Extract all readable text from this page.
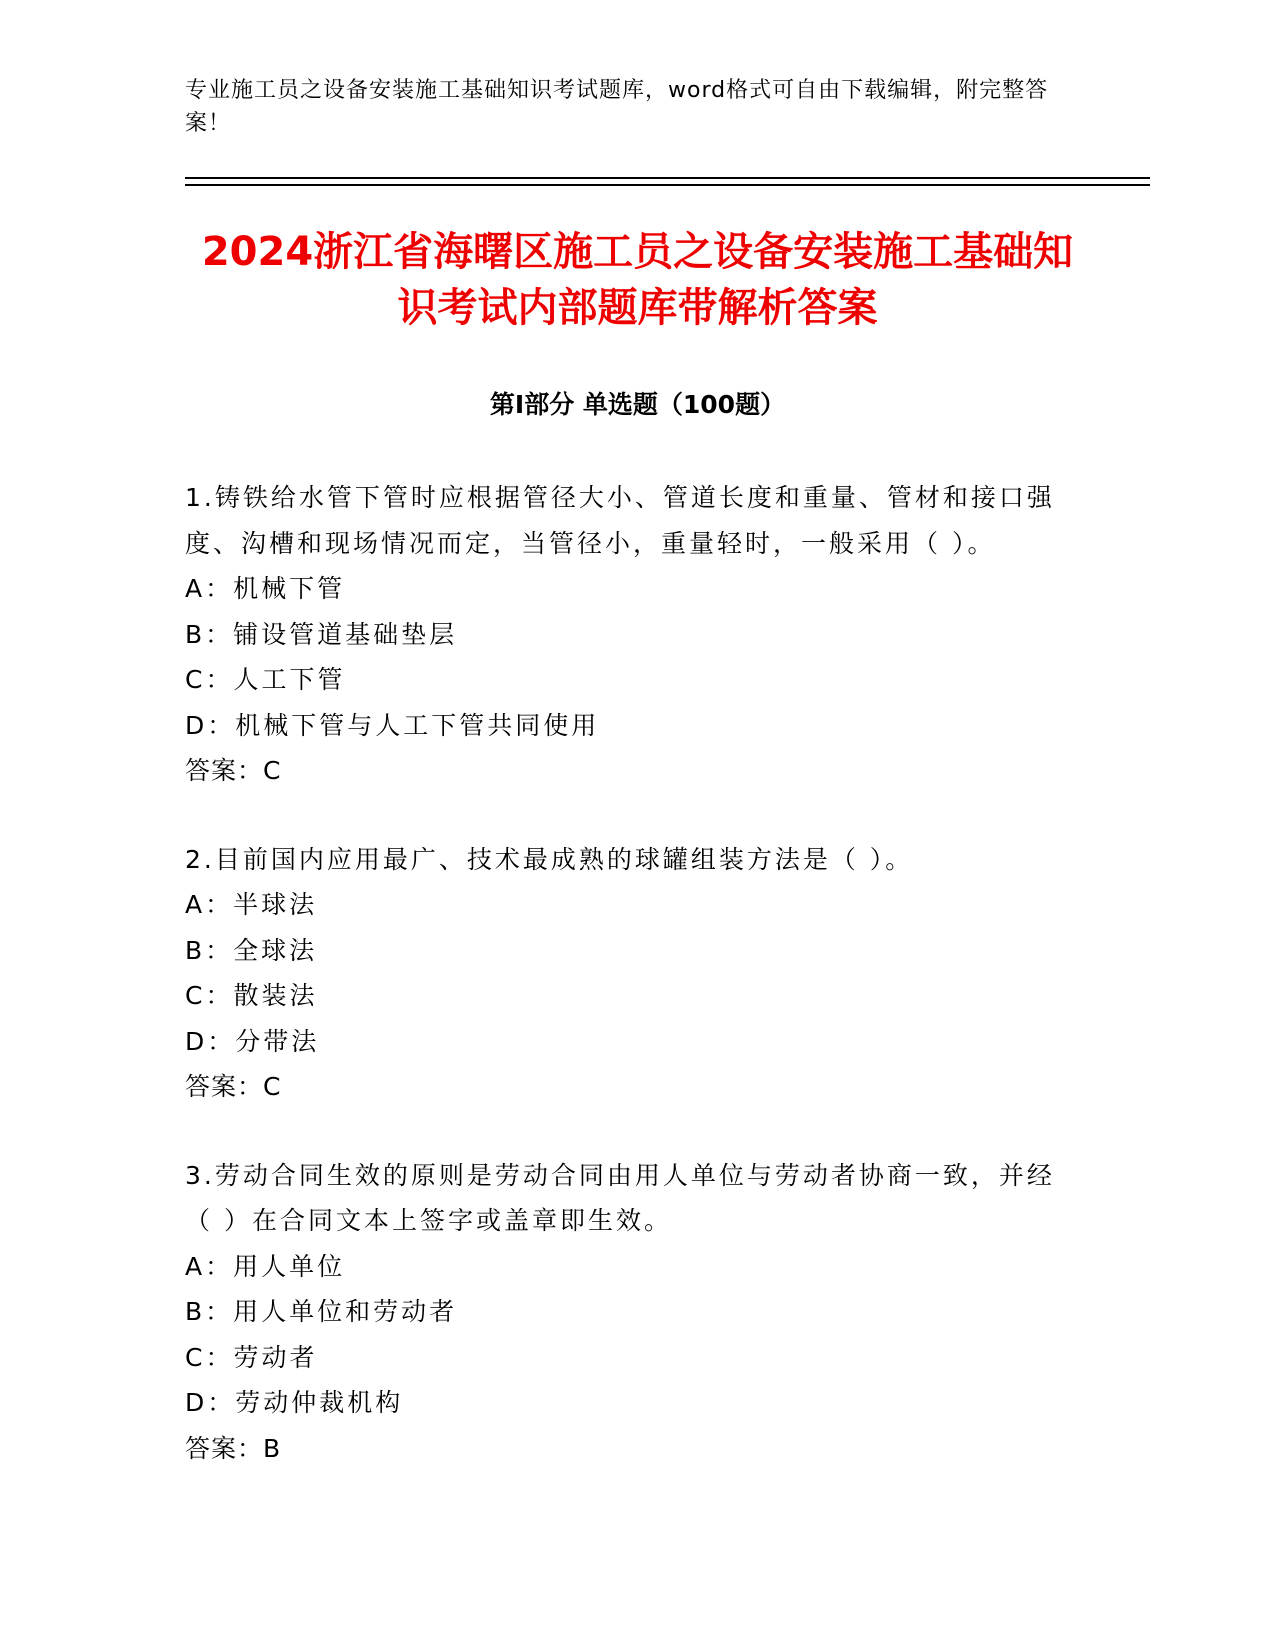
专业施工员之设备安装施工基础知识考试题库，word格式可自由下载编辑，附完整答案！
2024浙江省海曙区施工员之设备安装施工基础知识考试内部题库带解析答案
第I部分 单选题（100题）
1.铸铁给水管下管时应根据管径大小、管道长度和重量、管材和接口强度、沟槽和现场情况而定，当管径小，重量轻时，一般采用（ ）。
A：机械下管
B：铺设管道基础垫层
C：人工下管
D：机械下管与人工下管共同使用
答案：C
2.目前国内应用最广、技术最成熟的球罐组装方法是（ ）。
A：半球法
B：全球法
C：散装法
D：分带法
答案：C
3.劳动合同生效的原则是劳动合同由用人单位与劳动者协商一致，并经（ ）在合同文本上签字或盖章即生效。
A：用人单位
B：用人单位和劳动者
C：劳动者
D：劳动仲裁机构
答案：B
